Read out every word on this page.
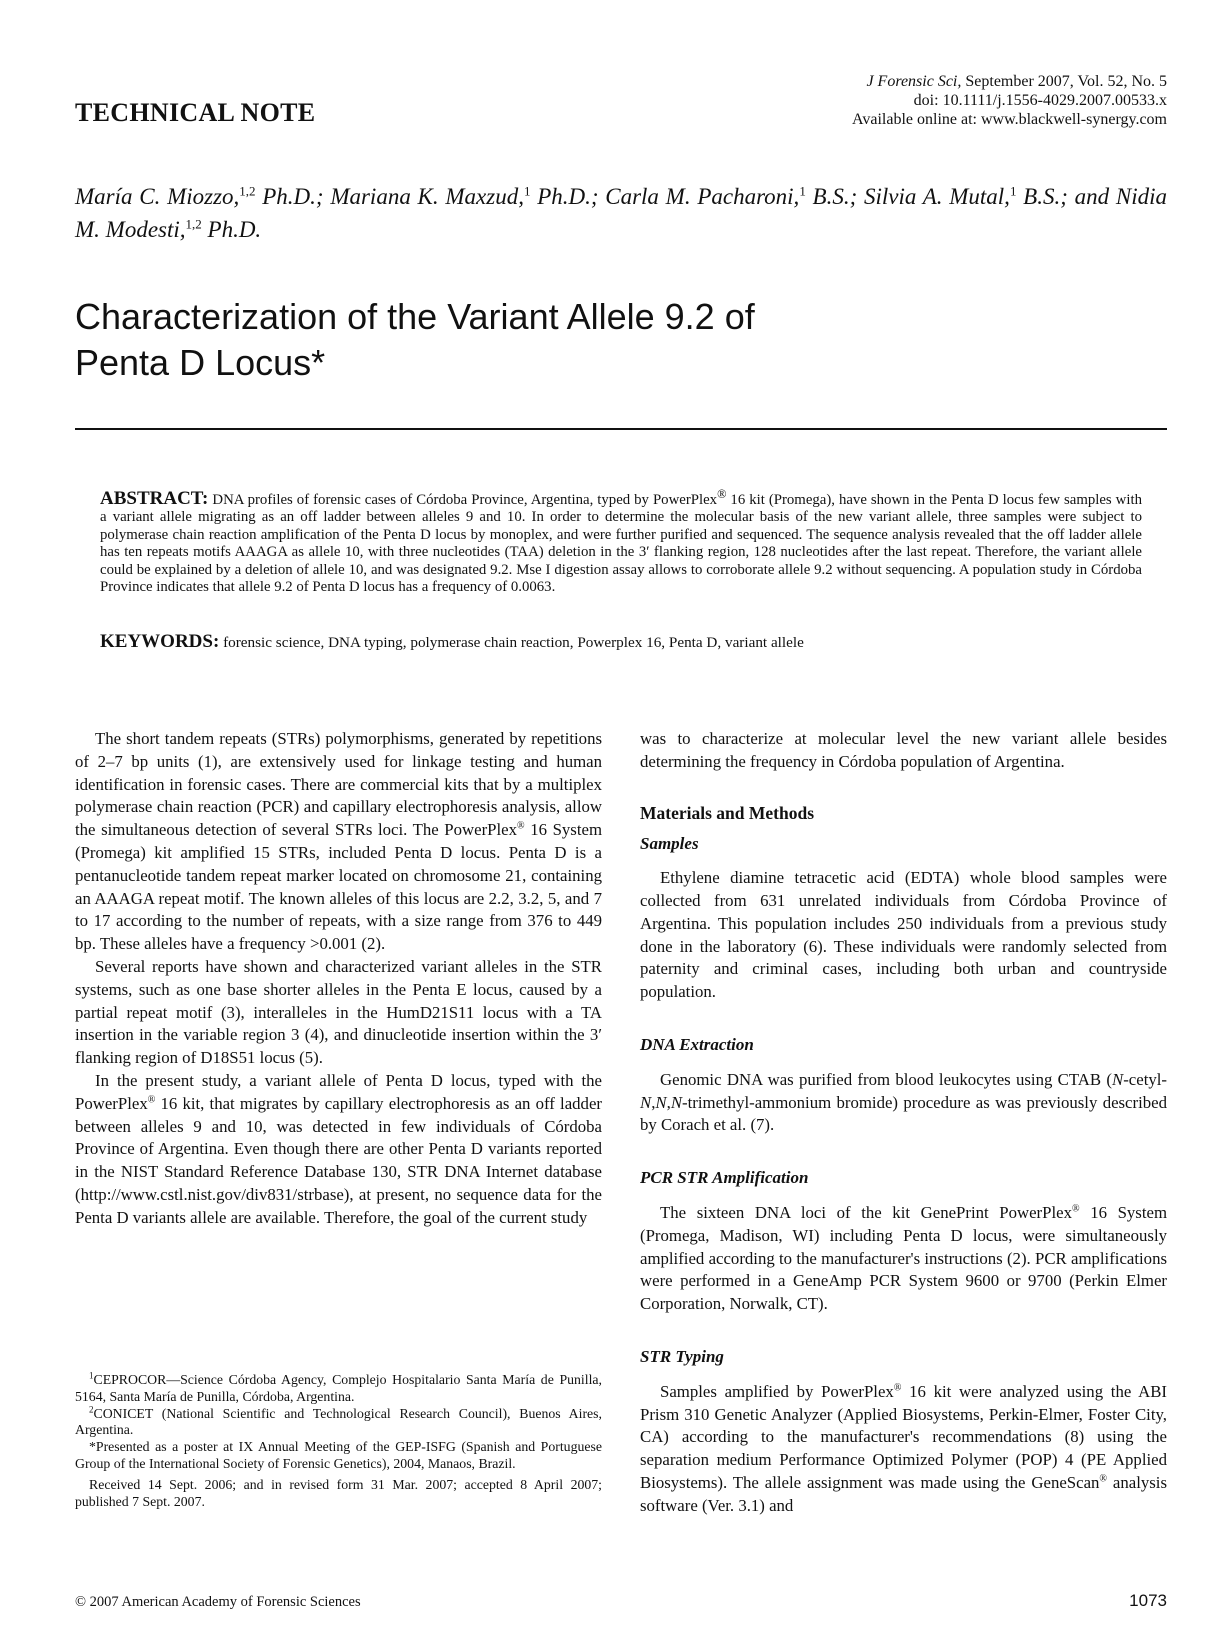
TECHNICAL NOTE
J Forensic Sci, September 2007, Vol. 52, No. 5
doi: 10.1111/j.1556-4029.2007.00533.x
Available online at: www.blackwell-synergy.com
María C. Miozzo,$^{1,2}$ Ph.D.; Mariana K. Maxzud,$^1$ Ph.D.; Carla M. Pacharoni,$^1$ B.S.; Silvia A. Mutal,$^1$ B.S.; and Nidia M. Modesti,$^{1,2}$ Ph.D.
Characterization of the Variant Allele 9.2 of
Penta D Locus*
ABSTRACT: DNA profiles of forensic cases of Córdoba Province, Argentina, typed by PowerPlex® 16 kit (Promega), have shown in the Penta D locus few samples with a variant allele migrating as an off ladder between alleles 9 and 10. In order to determine the molecular basis of the new variant allele, three samples were subject to polymerase chain reaction amplification of the Penta D locus by monoplex, and were further purified and sequenced. The sequence analysis revealed that the off ladder allele has ten repeats motifs AAAGA as allele 10, with three nucleotides (TAA) deletion in the 3′ flanking region, 128 nucleotides after the last repeat. Therefore, the variant allele could be explained by a deletion of allele 10, and was designated 9.2. Mse I digestion assay allows to corroborate allele 9.2 without sequencing. A population study in Córdoba Province indicates that allele 9.2 of Penta D locus has a frequency of 0.0063.
KEYWORDS: forensic science, DNA typing, polymerase chain reaction, Powerplex 16, Penta D, variant allele

The short tandem repeats (STRs) polymorphisms, generated by repetitions of 2–7 bp units (1), are extensively used for linkage testing and human identification in forensic cases. There are commercial kits that by a multiplex polymerase chain reaction (PCR) and capillary electrophoresis analysis, allow the simultaneous detection of several STRs loci. The PowerPlex® 16 System (Promega) kit amplified 15 STRs, included Penta D locus. Penta D is a pentanucleotide tandem repeat marker located on chromosome 21, containing an AAAGA repeat motif. The known alleles of this locus are 2.2, 3.2, 5, and 7 to 17 according to the number of repeats, with a size range from 376 to 449 bp. These alleles have a frequency >0.001 (2).

Several reports have shown and characterized variant alleles in the STR systems, such as one base shorter alleles in the Penta E locus, caused by a partial repeat motif (3), interalleles in the HumD21S11 locus with a TA insertion in the variable region 3 (4), and dinucleotide insertion within the 3′ flanking region of D18S51 locus (5).

In the present study, a variant allele of Penta D locus, typed with the PowerPlex® 16 kit, that migrates by capillary electrophoresis as an off ladder between alleles 9 and 10, was detected in few individuals of Córdoba Province of Argentina. Even though there are other Penta D variants reported in the NIST Standard Reference Database 130, STR DNA Internet database (http://www.cstl.nist.gov/div831/strbase), at present, no sequence data for the Penta D variants allele are available. Therefore, the goal of the current study

$^1$CEPROCOR—Science Córdoba Agency, Complejo Hospitalario Santa María de Punilla, 5164, Santa María de Punilla, Córdoba, Argentina.

$^2$CONICET (National Scientific and Technological Research Council), Buenos Aires, Argentina.

*Presented as a poster at IX Annual Meeting of the GEP-ISFG (Spanish and Portuguese Group of the International Society of Forensic Genetics), 2004, Manaos, Brazil.

Received 14 Sept. 2006; and in revised form 31 Mar. 2007; accepted 8 April 2007; published 7 Sept. 2007.

was to characterize at molecular level the new variant allele besides determining the frequency in Córdoba population of Argentina.

Materials and Methods
Samples

Ethylene diamine tetracetic acid (EDTA) whole blood samples were collected from 631 unrelated individuals from Córdoba Province of Argentina. This population includes 250 individuals from a previous study done in the laboratory (6). These individuals were randomly selected from paternity and criminal cases, including both urban and countryside population.

DNA Extraction

Genomic DNA was purified from blood leukocytes using CTAB (N-cetyl-N,N,N-trimethyl-ammonium bromide) procedure as was previously described by Corach et al. (7).

PCR STR Amplification

The sixteen DNA loci of the kit GenePrint PowerPlex® 16 System (Promega, Madison, WI) including Penta D locus, were simultaneously amplified according to the manufacturer's instructions (2). PCR amplifications were performed in a GeneAmp PCR System 9600 or 9700 (Perkin Elmer Corporation, Norwalk, CT).

STR Typing

Samples amplified by PowerPlex® 16 kit were analyzed using the ABI Prism 310 Genetic Analyzer (Applied Biosystems, Perkin-Elmer, Foster City, CA) according to the manufacturer's recommendations (8) using the separation medium Performance Optimized Polymer (POP) 4 (PE Applied Biosystems). The allele assignment was made using the GeneScan® analysis software (Ver. 3.1) and

© 2007 American Academy of Forensic Sciences	1073
